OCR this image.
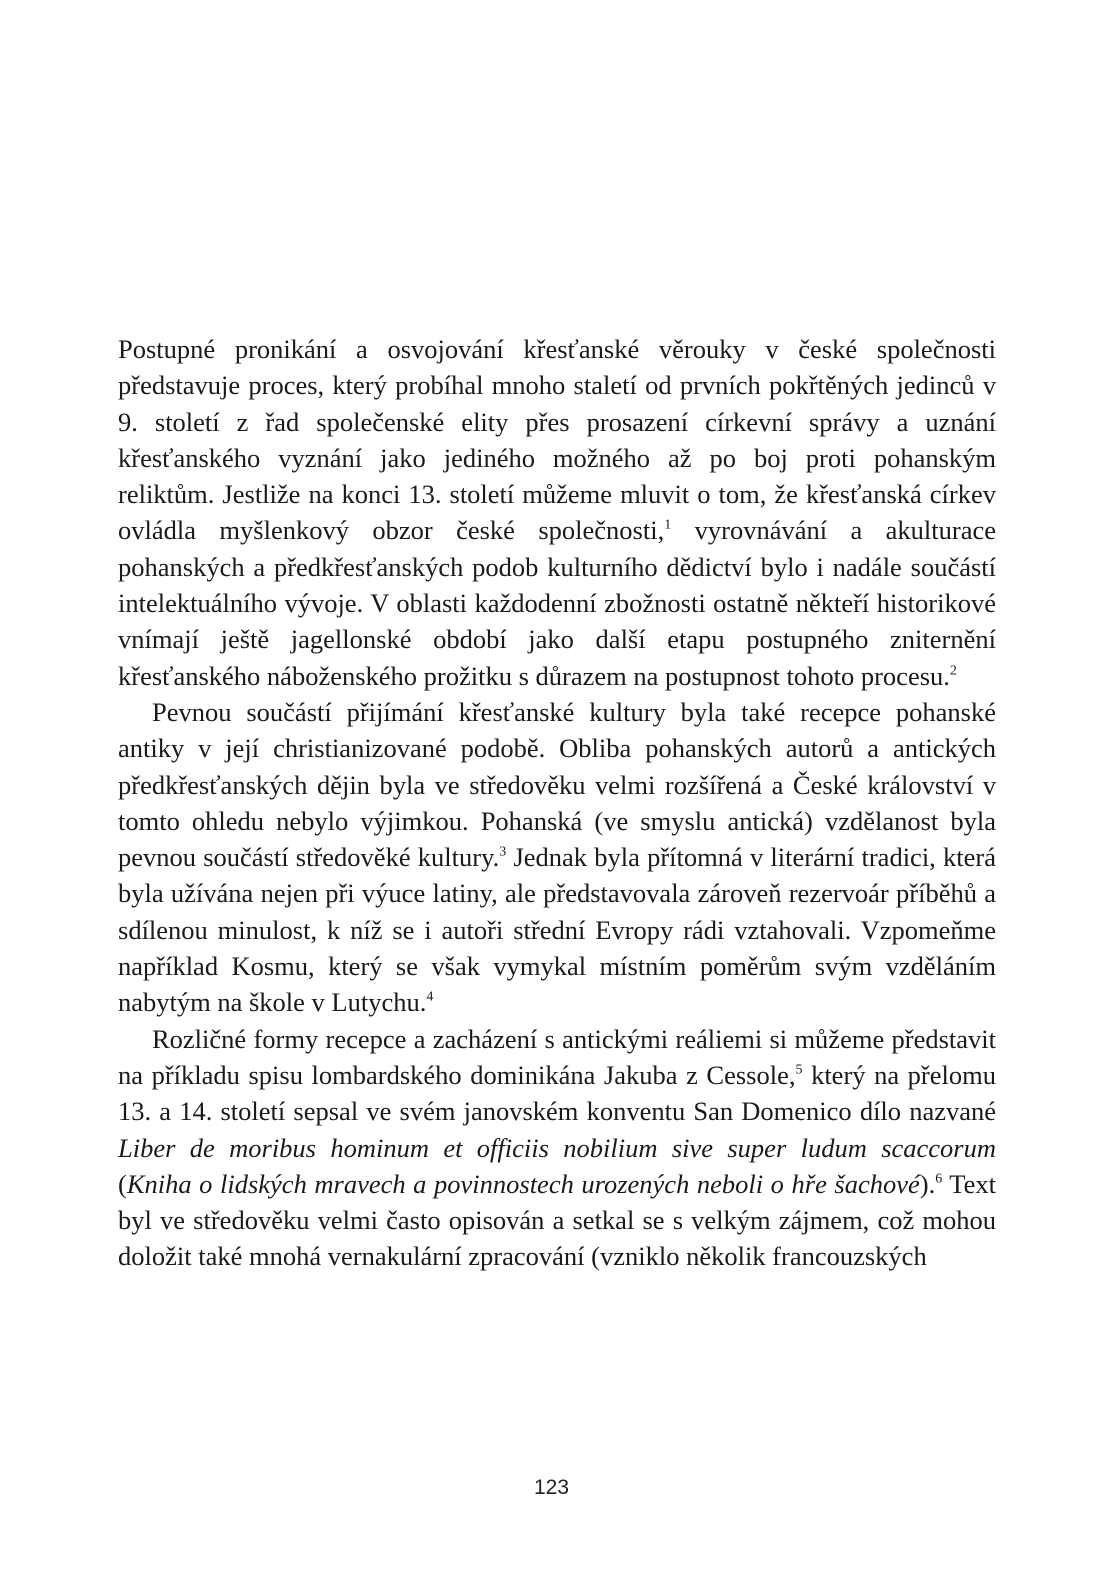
Postupné pronikání a osvojování křesťanské věrouky v české společnosti představuje proces, který probíhal mnoho staletí od prvních pokřtěných jedinců v 9. století z řad společenské elity přes prosazení církevní správy a uznání křesťanského vyznání jako jediného možného až po boj proti pohanským reliktům. Jestliže na konci 13. století můžeme mluvit o tom, že křesťanská církev ovládla myšlenkový obzor české společnosti,$^1$ vyrovnávání a akulturace pohanských a předkřesťanských podob kulturního dědictví bylo i nadále součástí intelektuálního vývoje. V oblasti každodenní zbožnosti ostatně někteří historikové vnímají ještě jagellonské období jako další etapu postupného zniternění křesťanského náboženského prožitku s důrazem na postupnost tohoto procesu.$^2$

Pevnou součástí přijímání křesťanské kultury byla také recepce pohanské antiky v její christianizované podobě. Obliba pohanských autorů a antických předkřesťanských dějin byla ve středověku velmi rozšířená a České království v tomto ohledu nebylo výjimkou. Pohanská (ve smyslu antická) vzdělanost byla pevnou součástí středověké kultury.$^3$ Jednak byla přítomná v literární tradici, která byla užívána nejen při výuce latiny, ale představovala zároveň rezervoár příběhů a sdílenou minulost, k níž se i autoři střední Evropy rádi vztahovali. Vzpomeňme například Kosmu, který se však vymykal místním poměrům svým vzděláním nabytým na škole v Lutychu.$^4$

Rozličné formy recepce a zacházení s antickými reáliemi si můžeme představit na příkladu spisu lombardského dominikána Jakuba z Cessole,$^5$ který na přelomu 13. a 14. století sepsal ve svém janovském konventu San Domenico dílo nazvané Liber de moribus hominum et officiis nobilium sive super ludum scaccorum (Kniha o lidských mravech a povinnostech urozených neboli o hře šachové).$^6$ Text byl ve středověku velmi často opisován a setkal se s velkým zájmem, což mohou doložit také mnohá vernakulární zpracování (vzniklo několik francouzských

123
